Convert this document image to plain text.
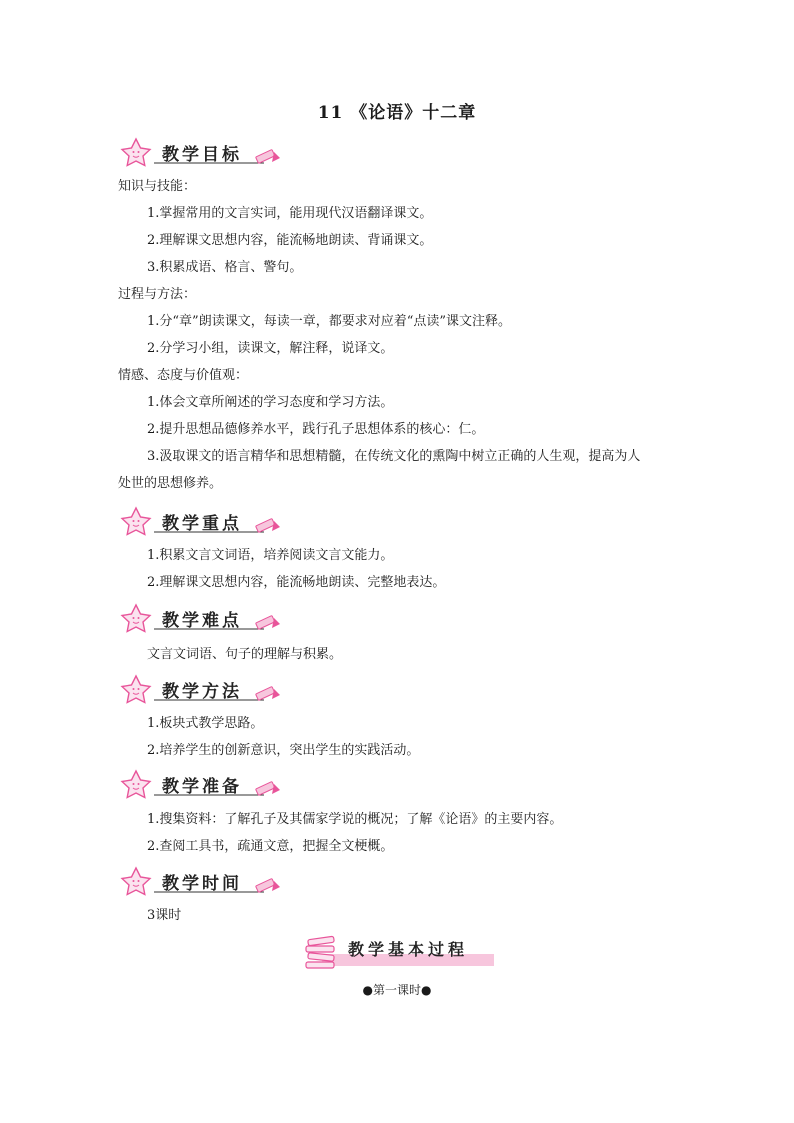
11 《论语》十二章
教学目标
知识与技能：
1.掌握常用的文言实词，能用现代汉语翻译课文。
2.理解课文思想内容，能流畅地朗读、背诵课文。
3.积累成语、格言、警句。
过程与方法：
1.分“章”朗读课文，每读一章，都要求对应着“点读”课文注释。
2.分学习小组，读课文，解注释，说译文。
情感、态度与价值观：
1.体会文章所阐述的学习态度和学习方法。
2.提升思想品德修养水平，践行孔子思想体系的核心：仁。
3.汲取课文的语言精华和思想精髓，在传统文化的熏陶中树立正确的人生观，提高为人
处世的思想修养。
教学重点
1.积累文言文词语，培养阅读文言文能力。
2.理解课文思想内容，能流畅地朗读、完整地表达。
教学难点
文言文词语、句子的理解与积累。
教学方法
1.板块式教学思路。
2.培养学生的创新意识，突出学生的实践活动。
教学准备
1.搜集资料：了解孔子及其儒家学说的概况；了解《论语》的主要内容。
2.查阅工具书，疏通文意，把握全文梗概。
教学时间
3课时
教学基本过程
●第一课时●
